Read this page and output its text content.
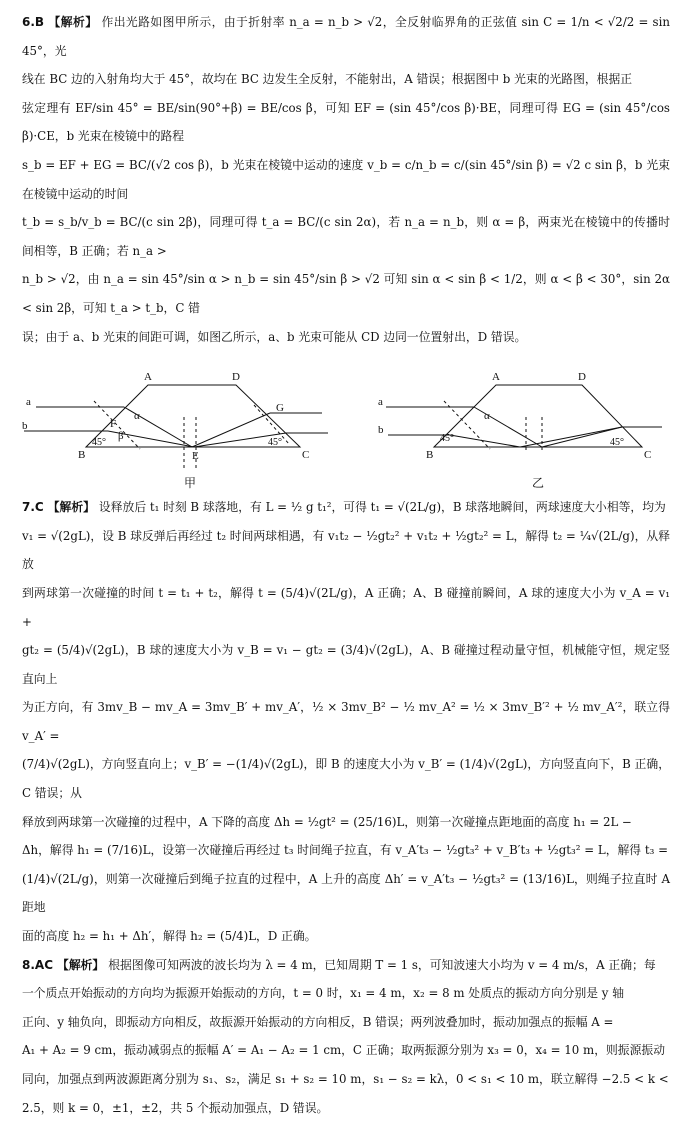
6.B 【解析】 作出光路如图甲所示，由于折射率 n_a = n_b > √2，全反射临界角的正弦值 sin C = 1/n < √2/2 = sin 45°，光

线在 BC 边的入射角均大于 45°，故均在 BC 边发生全反射，不能射出，A 错误；根据图中 b 光束的光路图，根据正

弦定理有 EF/sin 45° = BE/sin(90°+β) = BE/cos β，可知 EF = (sin 45°/cos β)·BE，同理可得 EG = (sin 45°/cos β)·CE，b 光束在棱镜中的路程

s_b = EF + EG = BC/(√2 cos β)，b 光束在棱镜中运动的速度 v_b = c/n_b = c/(sin 45°/sin β) = √2 c sin β，b 光束在棱镜中运动的时间

t_b = s_b/v_b = BC/(c sin 2β)，同理可得 t_a = BC/(c sin 2α)，若 n_a = n_b，则 α = β，两束光在棱镜中的传播时间相等，B 正确；若 n_a >

n_b > √2，由 n_a = sin 45°/sin α > n_b = sin 45°/sin β > √2 可知 sin α < sin β < 1/2，则 α < β < 30°，sin 2α < sin 2β，可知 t_a > t_b，C 错

误；由于 a、b 光束的间距可调，如图乙所示，a、b 光束可能从 CD 边同一位置射出，D 错误。

A	D
B	C
E
F
G
a
b
α
β
45°	45°
甲
A	D
B	C
a
b
α
45°	45°
乙

7.C 【解析】 设释放后 t₁ 时刻 B 球落地，有 L = ½ g t₁²，可得 t₁ = √(2L/g)，B 球落地瞬间，两球速度大小相等，均为

v₁ = √(2gL)，设 B 球反弹后再经过 t₂ 时间两球相遇，有 v₁t₂ − ½gt₂² + v₁t₂ + ½gt₂² = L，解得 t₂ = ¼√(2L/g)，从释放

到两球第一次碰撞的时间 t = t₁ + t₂，解得 t = (5/4)√(2L/g)，A 正确；A、B 碰撞前瞬间，A 球的速度大小为 v_A = v₁ +

gt₂ = (5/4)√(2gL)，B 球的速度大小为 v_B = v₁ − gt₂ = (3/4)√(2gL)，A、B 碰撞过程动量守恒，机械能守恒，规定竖直向上

为正方向，有 3mv_B − mv_A = 3mv_B′ + mv_A′，½ × 3mv_B² − ½ mv_A² = ½ × 3mv_B′² + ½ mv_A′²，联立得 v_A′ =

(7/4)√(2gL)，方向竖直向上；v_B′ = −(1/4)√(2gL)，即 B 的速度大小为 v_B′ = (1/4)√(2gL)，方向竖直向下，B 正确，C 错误；从

释放到两球第一次碰撞的过程中，A 下降的高度 Δh = ½gt² = (25/16)L，则第一次碰撞点距地面的高度 h₁ = 2L −

Δh，解得 h₁ = (7/16)L，设第一次碰撞后再经过 t₃ 时间绳子拉直，有 v_A′t₃ − ½gt₃² + v_B′t₃ + ½gt₃² = L，解得 t₃ =

(1/4)√(2L/g)，则第一次碰撞后到绳子拉直的过程中，A 上升的高度 Δh′ = v_A′t₃ − ½gt₃² = (13/16)L，则绳子拉直时 A 距地

面的高度 h₂ = h₁ + Δh′，解得 h₂ = (5/4)L，D 正确。

8.AC 【解析】 根据图像可知两波的波长均为 λ = 4 m，已知周期 T = 1 s，可知波速大小均为 v = 4 m/s，A 正确；每

一个质点开始振动的方向均为振源开始振动的方向，t = 0 时，x₁ = 4 m，x₂ = 8 m 处质点的振动方向分别是 y 轴

正向、y 轴负向，即振动方向相反，故振源开始振动的方向相反，B 错误；两列波叠加时，振动加强点的振幅 A =

A₁ + A₂ = 9 cm，振动减弱点的振幅 A′ = A₁ − A₂ = 1 cm，C 正确；取两振源分别为 x₃ = 0，x₄ = 10 m，则振源振动

同向，加强点到两波源距离分别为 s₁、s₂，满足 s₁ + s₂ = 10 m，s₁ − s₂ = kλ，0 < s₁ < 10 m，联立解得 −2.5 < k <

2.5，则 k = 0，±1，±2，共 5 个振动加强点，D 错误。
